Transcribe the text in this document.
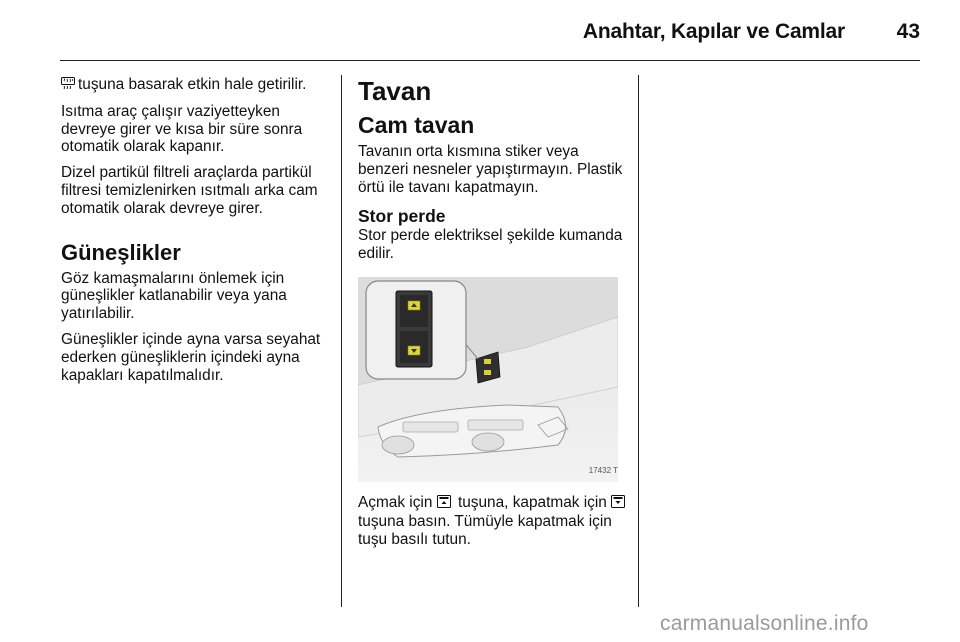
Anahtar, Kapılar ve Camlar	43

tuşuna basarak etkin hale getirilir.

Isıtma araç çalışır vaziyetteyken devreye girer ve kısa bir süre sonra otomatik olarak kapanır.

Dizel partikül filtreli araçlarda partikül filtresi temizlenirken ısıtmalı arka cam otomatik olarak devreye girer.

Güneşlikler

Göz kamaşmalarını önlemek için güneşlikler katlanabilir veya yana yatırılabilir.

Güneşlikler içinde ayna varsa seyahat ederken güneşliklerin içindeki ayna kapakları kapatılmalıdır.

Tavan
Cam tavan

Tavanın orta kısmına stiker veya benzeri nesneler yapıştırmayın. Plastik örtü ile tavanı kapatmayın.

Stor perde

Stor perde elektriksel şekilde kumanda edilir.

17432 T

Açmak için tuşuna, kapatmak için tuşuna basın. Tümüyle kapatmak için tuşu basılı tutun.

carmanualsonline.info
